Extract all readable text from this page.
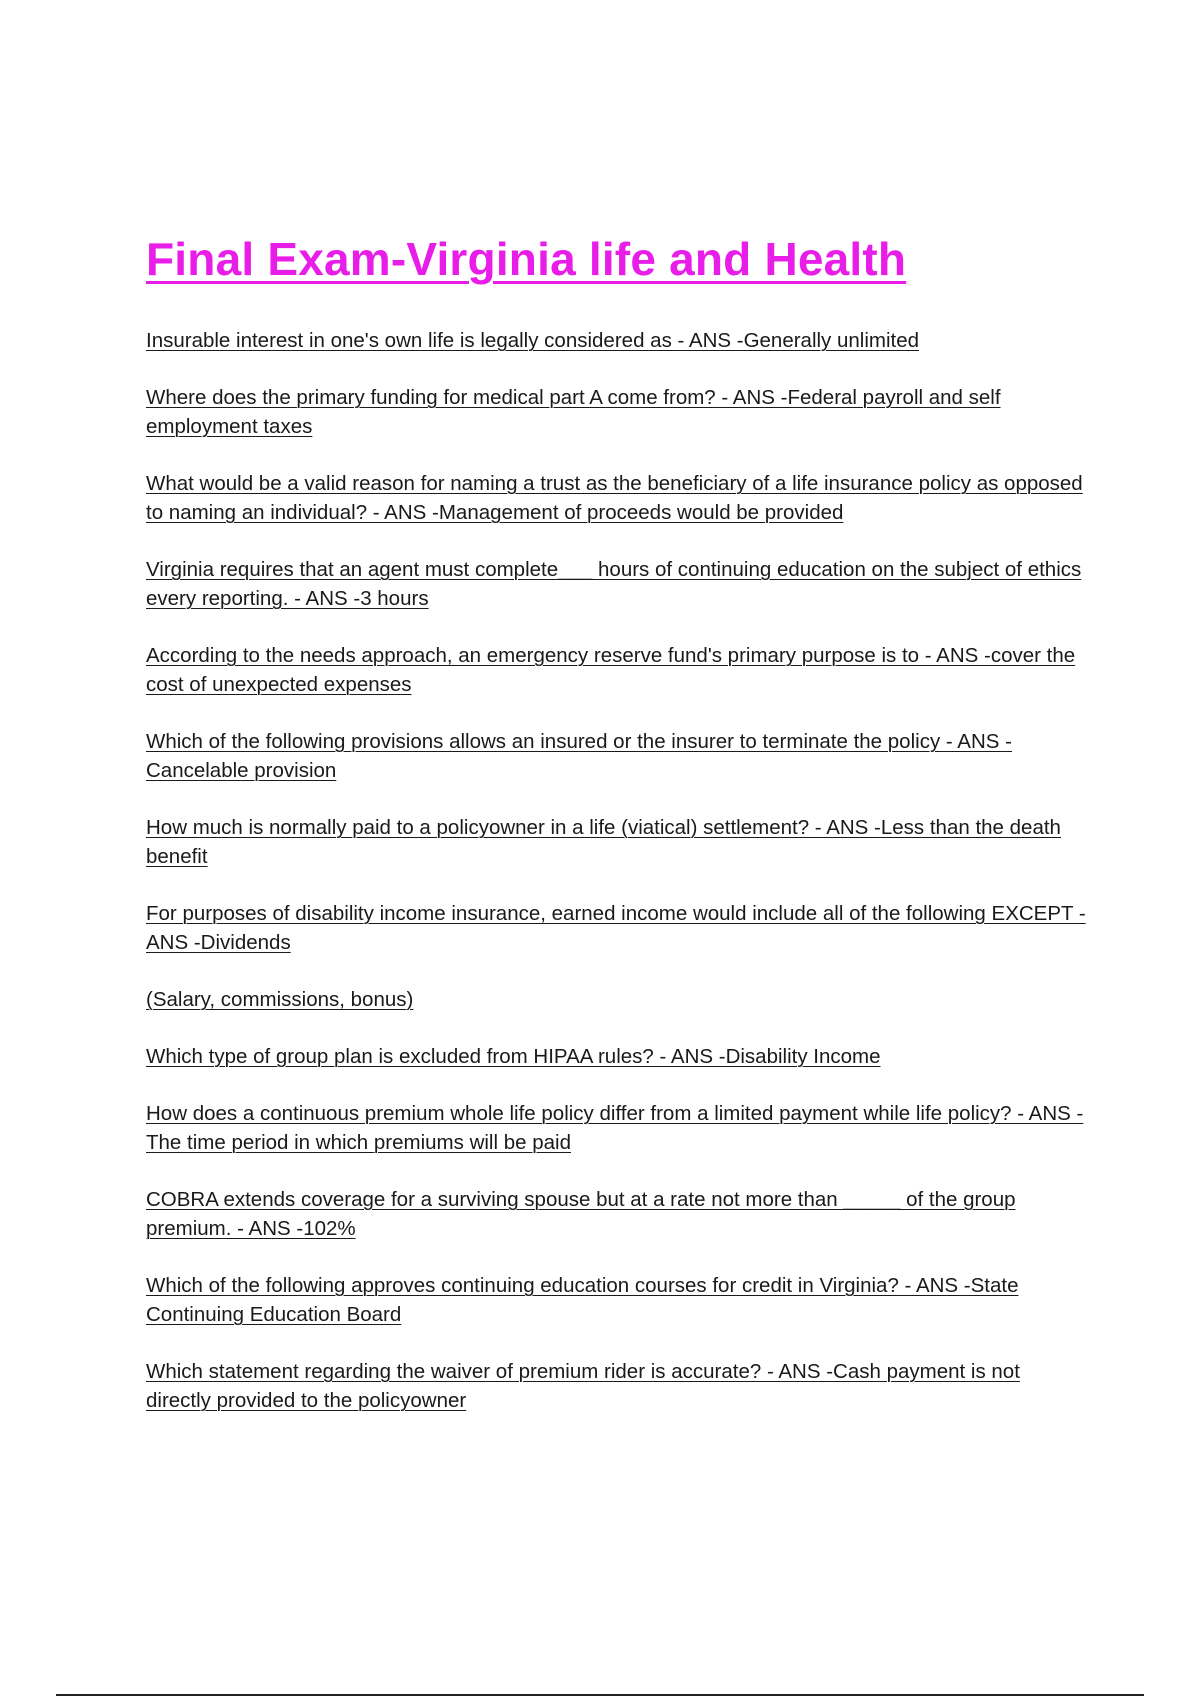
Final Exam-Virginia life and Health

Insurable interest in one's own life is legally considered as - ANS -Generally unlimited

Where does the primary funding for medical part A come from? - ANS -Federal payroll and self employment taxes

What would be a valid reason for naming a trust as the beneficiary of a life insurance policy as opposed to naming an individual? - ANS -Management of proceeds would be provided

Virginia requires that an agent must complete___ hours of continuing education on the subject of ethics every reporting. - ANS -3 hours

According to the needs approach, an emergency reserve fund's primary purpose is to - ANS -cover the cost of unexpected expenses

Which of the following provisions allows an insured or the insurer to terminate the policy - ANS -Cancelable provision

How much is normally paid to a policyowner in a life (viatical) settlement? - ANS -Less than the death benefit

For purposes of disability income insurance, earned income would include all of the following EXCEPT - ANS -Dividends

(Salary, commissions, bonus)

Which type of group plan is excluded from HIPAA rules? - ANS -Disability Income

How does a continuous premium whole life policy differ from a limited payment while life policy? - ANS -The time period in which premiums will be paid

COBRA extends coverage for a surviving spouse but at a rate not more than _____ of the group premium. - ANS -102%

Which of the following approves continuing education courses for credit in Virginia? - ANS -State Continuing Education Board

Which statement regarding the waiver of premium rider is accurate? - ANS -Cash payment is not directly provided to the policyowner
